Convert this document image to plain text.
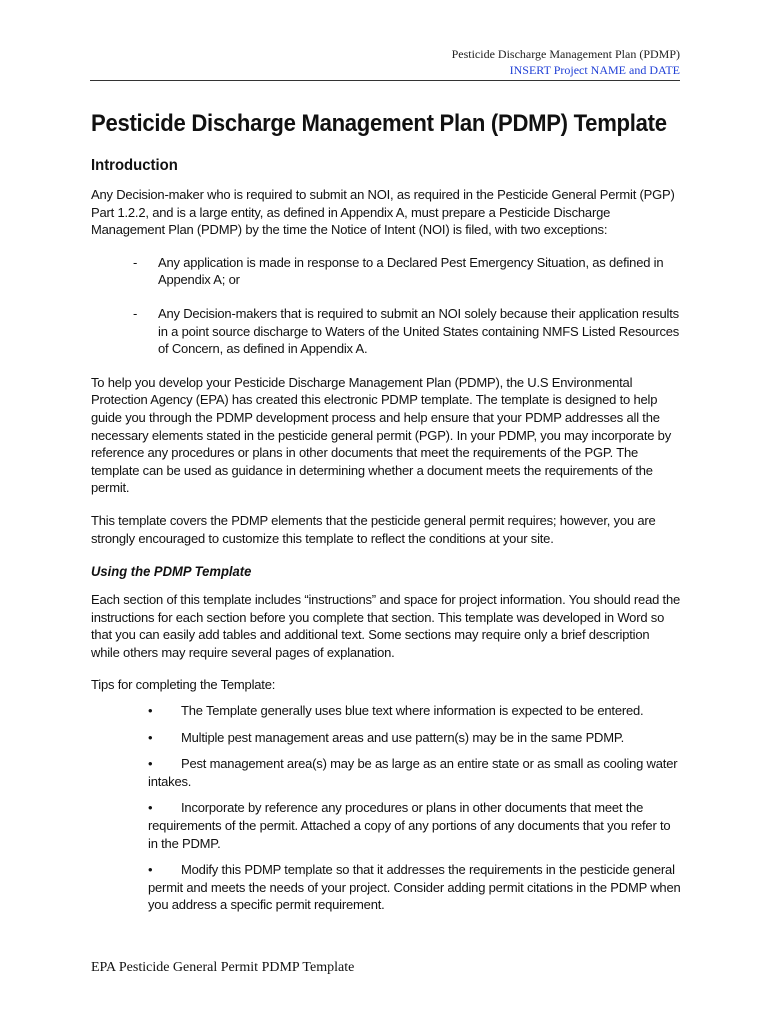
Pesticide Discharge Management Plan (PDMP)
INSERT Project NAME and DATE
Pesticide Discharge Management Plan (PDMP) Template
Introduction

Any Decision-maker who is required to submit an NOI, as required in the Pesticide General Permit (PGP) Part 1.2.2, and is a large entity, as defined in Appendix A, must prepare a Pesticide Discharge Management Plan (PDMP) by the time the Notice of Intent (NOI) is filed, with two exceptions:

- Any application is made in response to a Declared Pest Emergency Situation, as defined in Appendix A; or
- Any Decision-makers that is required to submit an NOI solely because their application results in a point source discharge to Waters of the United States containing NMFS Listed Resources of Concern, as defined in Appendix A.

To help you develop your Pesticide Discharge Management Plan (PDMP), the U.S Environmental Protection Agency (EPA) has created this electronic PDMP template. The template is designed to help guide you through the PDMP development process and help ensure that your PDMP addresses all the necessary elements stated in the pesticide general permit (PGP). In your PDMP, you may incorporate by reference any procedures or plans in other documents that meet the requirements of the PGP. The template can be used as guidance in determining whether a document meets the requirements of the permit.

This template covers the PDMP elements that the pesticide general permit requires; however, you are strongly encouraged to customize this template to reflect the conditions at your site.

Using the PDMP Template

Each section of this template includes “instructions” and space for project information. You should read the instructions for each section before you complete that section. This template was developed in Word so that you can easily add tables and additional text. Some sections may require only a brief description while others may require several pages of explanation.

Tips for completing the Template:

•	The Template generally uses blue text where information is expected to be entered.
•	Multiple pest management areas and use pattern(s) may be in the same PDMP.
•	Pest management area(s) may be as large as an entire state or as small as cooling water intakes.
•	Incorporate by reference any procedures or plans in other documents that meet the requirements of the permit. Attached a copy of any portions of any documents that you refer to in the PDMP.
•	Modify this PDMP template so that it addresses the requirements in the pesticide general permit and meets the needs of your project. Consider adding permit citations in the PDMP when you address a specific permit requirement.
EPA Pesticide General Permit PDMP Template
